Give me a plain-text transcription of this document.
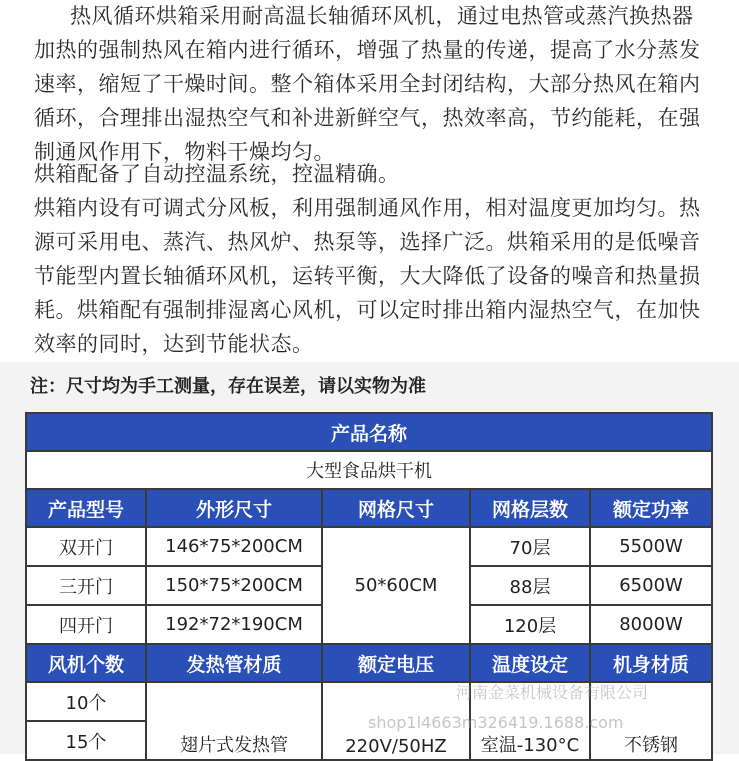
热风循环烘箱采用耐高温长轴循环风机，通过电热管或蒸汽换热器加热的强制热风在箱内进行循环，增强了热量的传递，提高了水分蒸发速率，缩短了干燥时间。整个箱体采用全封闭结构，大部分热风在箱内循环，合理排出湿热空气和补进新鲜空气，热效率高，节约能耗，在强制通风作用下，物料干燥均匀。

烘箱配备了自动控温系统，控温精确。

烘箱内设有可调式分风板，利用强制通风作用，相对温度更加均匀。热源可采用电、蒸汽、热风炉、热泵等，选择广泛。烘箱采用的是低噪音节能型内置长轴循环风机，运转平衡，大大降低了设备的噪音和热量损耗。烘箱配有强制排湿离心风机，可以定时排出箱内湿热空气，在加快效率的同时，达到节能状态。

注：尺寸均为手工测量，存在误差，请以实物为准
产品名称				
大型食品烘干机				
产品型号	外形尺寸	网格尺寸	网格层数	额定功率
双开门	146*75*200CM	50*60CM	70层	5500W
三开门	150*75*200CM		88层	6500W
四开门	192*72*190CM		120层	8000W
风机个数	发热管材质	额定电压	温度设定	机身材质
10个	翅片式发热管	220V/50HZ	室温-130°C	不锈钢
15个				
河南金菜机械设备有限公司
shop1l4663m326419.1688.com
